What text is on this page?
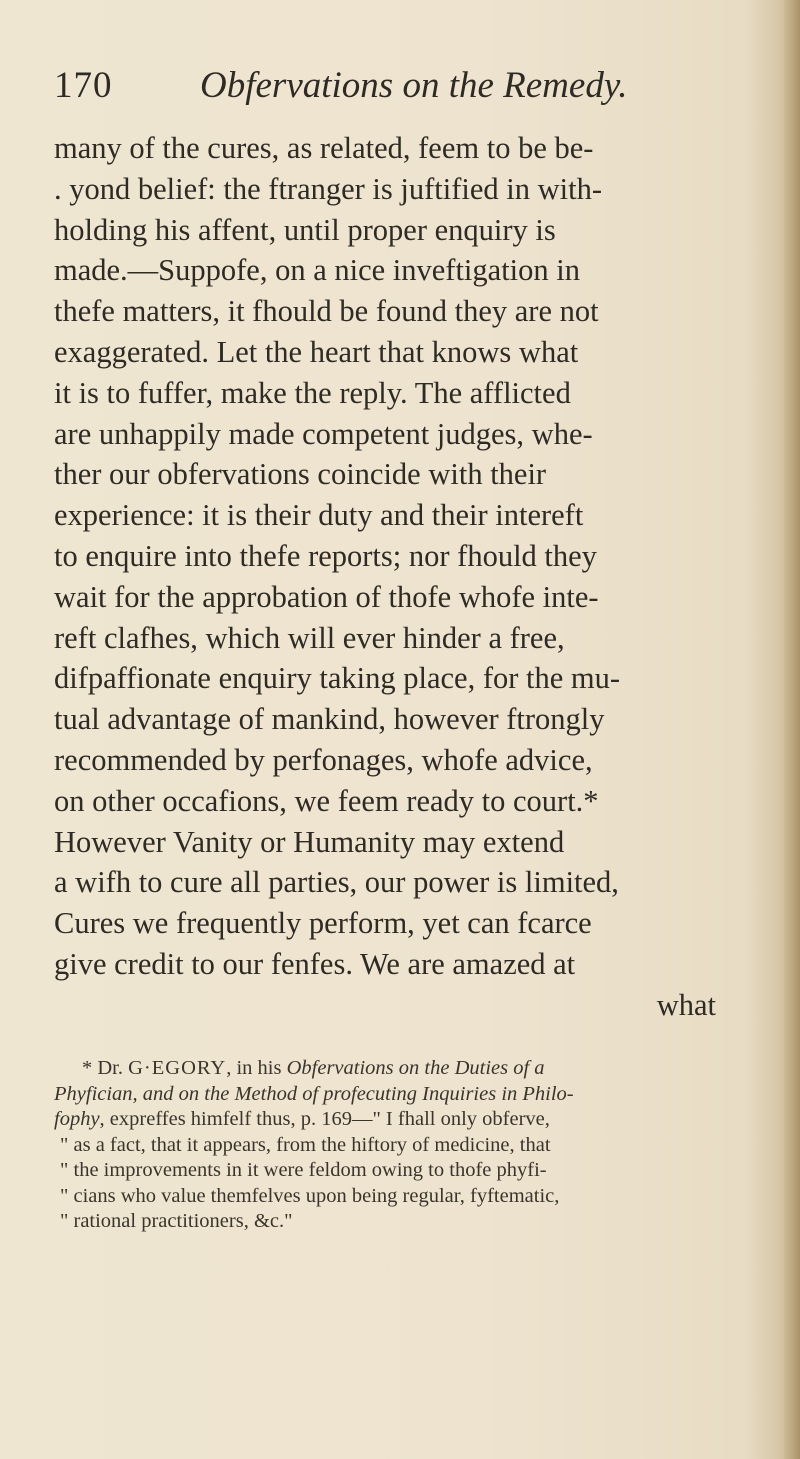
170 Obfervations on the Remedy.
many of the cures, as related, feem to be be-
. yond belief: the ftranger is juftified in with-
holding his affent, until proper enquiry is
made.—Suppofe, on a nice inveftigation in
thefe matters, it fhould be found they are not
exaggerated. Let the heart that knows what
it is to fuffer, make the reply. The afflicted
are unhappily made competent judges, whe-
ther our obfervations coincide with their
experience: it is their duty and their intereft
to enquire into thefe reports; nor fhould they
wait for the approbation of thofe whofe inte-
reft clafhes, which will ever hinder a free,
difpaffionate enquiry taking place, for the mu-
tual advantage of mankind, however ftrongly
recommended by perfonages, whofe advice,
on other occafions, we feem ready to court.*
However Vanity or Humanity may extend
a wifh to cure all parties, our power is limited,
Cures we frequently perform, yet can fcarce
give credit to our fenfes. We are amazed at
what
* Dr. G·EGORY, in his Obfervations on the Duties of a
Phyfician, and on the Method of profecuting Inquiries in Philo-
fophy, expreffes himfelf thus, p. 169—" I fhall only obferve,
" as a fact, that it appears, from the hiftory of medicine, that
" the improvements in it were feldom owing to thofe phyfi-
" cians who value themfelves upon being regular, fyftematic,
" rational practitioners, &c."
